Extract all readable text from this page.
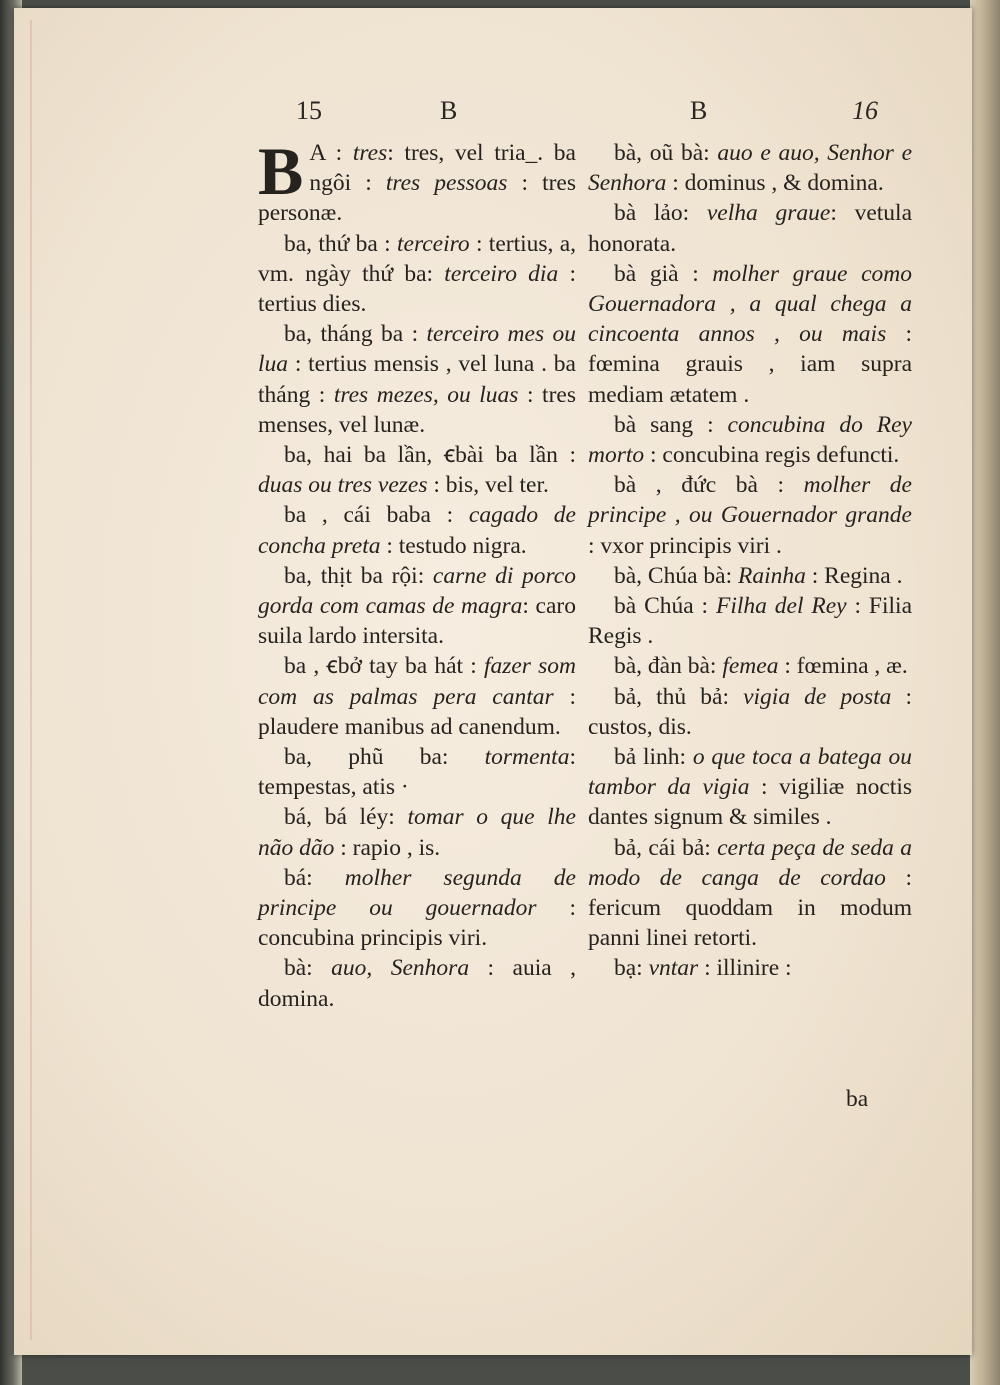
15	B	B	16
B A : tres: tres, vel tria_. ba ngôi : tres pessoas : tres personæ.

ba, thứ ba : terceiro : tertius, a, vm. ngày thứ ba: terceiro dia : tertius dies.

ba, tháng ba : terceiro mes ou lua : tertius mensis , vel luna . ba tháng : tres mezes, ou luas : tres menses, vel lunæ.

ba, hai ba lần, ꞓbài ba lần : duas ou tres vezes : bis, vel ter.

ba , cái baba : cagado de concha preta : testudo nigra.

ba, thịt ba rội: carne di porco gorda com camas de magra: caro suila lardo intersita.

ba , ꞓbở tay ba hát : fazer som com as palmas pera cantar : plaudere manibus ad canendum.

ba, phũ ba: tormenta: tempestas, atis ·

bá, bá léy: tomar o que lhe não dão : rapio , is.

bá: molher segunda de principe ou gouernador : concubina principis viri.

bà: auo, Senhora : auia , domina.

bà, oũ bà: auo e auo, Senhor e Senhora : dominus , & domina.

bà lảo: velha graue: vetula honorata.

bà già : molher graue como Gouernadora , a qual chega a cincoenta annos , ou mais : fœmina grauis , iam supra mediam ætatem .

bà sang : concubina do Rey morto : concubina regis defuncti.

bà , đức bà : molher de principe , ou Gouernador grande : vxor principis viri .

bà, Chúa bà: Rainha : Regina .

bà Chúa : Filha del Rey : Filia Regis .

bà, đàn bà: femea : fœmina , æ.

bả, thủ bả: vigia de posta : custos, dis.

bả linh: o que toca a batega ou tambor da vigia : vigiliæ noctis dantes signum & similes .

bả, cái bả: certa peça de seda a modo de canga de cordao : fericum quoddam in modum panni linei retorti.

bạ: vntar : illinire :

ba
